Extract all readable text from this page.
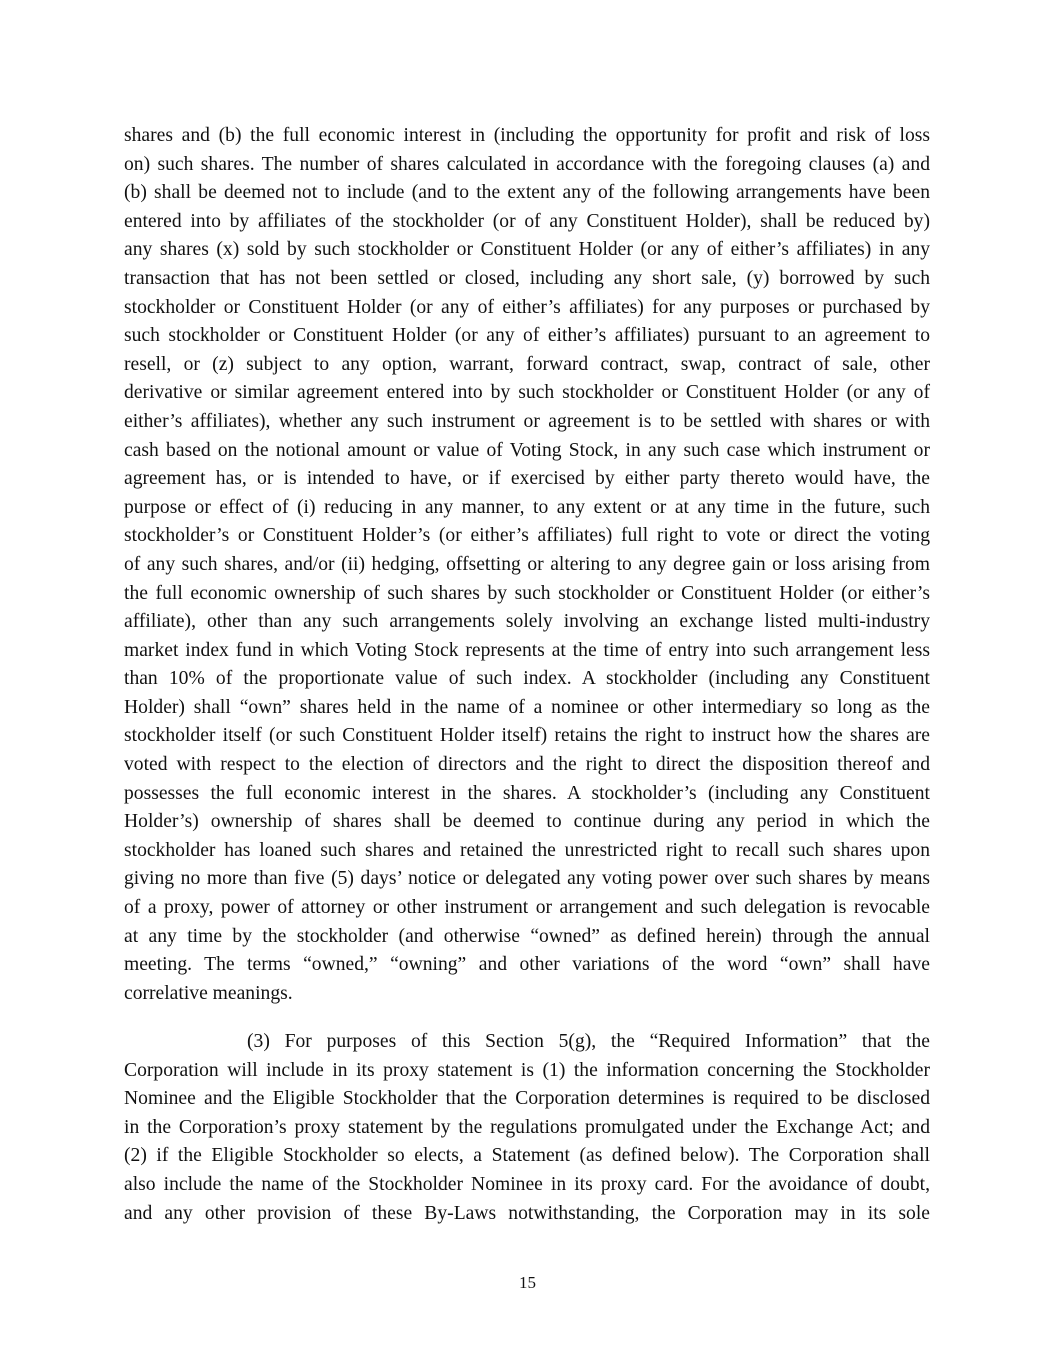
shares and (b) the full economic interest in (including the opportunity for profit and risk of loss
on) such shares. The number of shares calculated in accordance with the foregoing clauses (a) and
(b) shall be deemed not to include (and to the extent any of the following arrangements have been
entered into by affiliates of the stockholder (or of any Constituent Holder), shall be reduced by)
any shares (x) sold by such stockholder or Constituent Holder (or any of either’s affiliates) in any
transaction that has not been settled or closed, including any short sale, (y) borrowed by such
stockholder or Constituent Holder (or any of either’s affiliates) for any purposes or purchased by
such stockholder or Constituent Holder (or any of either’s affiliates) pursuant to an agreement to
resell, or (z) subject to any option, warrant, forward contract, swap, contract of sale, other
derivative or similar agreement entered into by such stockholder or Constituent Holder (or any of
either’s affiliates), whether any such instrument or agreement is to be settled with shares or with
cash based on the notional amount or value of Voting Stock, in any such case which instrument or
agreement has, or is intended to have, or if exercised by either party thereto would have, the
purpose or effect of (i) reducing in any manner, to any extent or at any time in the future, such
stockholder’s or Constituent Holder’s (or either’s affiliates) full right to vote or direct the voting
of any such shares, and/or (ii) hedging, offsetting or altering to any degree gain or loss arising from
the full economic ownership of such shares by such stockholder or Constituent Holder (or either’s
affiliate), other than any such arrangements solely involving an exchange listed multi-industry
market index fund in which Voting Stock represents at the time of entry into such arrangement less
than 10% of the proportionate value of such index. A stockholder (including any Constituent
Holder) shall “own” shares held in the name of a nominee or other intermediary so long as the
stockholder itself (or such Constituent Holder itself) retains the right to instruct how the shares are
voted with respect to the election of directors and the right to direct the disposition thereof and
possesses the full economic interest in the shares. A stockholder’s (including any Constituent
Holder’s) ownership of shares shall be deemed to continue during any period in which the
stockholder has loaned such shares and retained the unrestricted right to recall such shares upon
giving no more than five (5) days’ notice or delegated any voting power over such shares by means
of a proxy, power of attorney or other instrument or arrangement and such delegation is revocable
at any time by the stockholder (and otherwise “owned” as defined herein) through the annual
meeting. The terms “owned,” “owning” and other variations of the word “own” shall have
correlative meanings.
(3) For purposes of this Section 5(g), the “Required Information” that the
Corporation will include in its proxy statement is (1) the information concerning the Stockholder
Nominee and the Eligible Stockholder that the Corporation determines is required to be disclosed
in the Corporation’s proxy statement by the regulations promulgated under the Exchange Act; and
(2) if the Eligible Stockholder so elects, a Statement (as defined below). The Corporation shall
also include the name of the Stockholder Nominee in its proxy card. For the avoidance of doubt,
and any other provision of these By-Laws notwithstanding, the Corporation may in its sole
15
